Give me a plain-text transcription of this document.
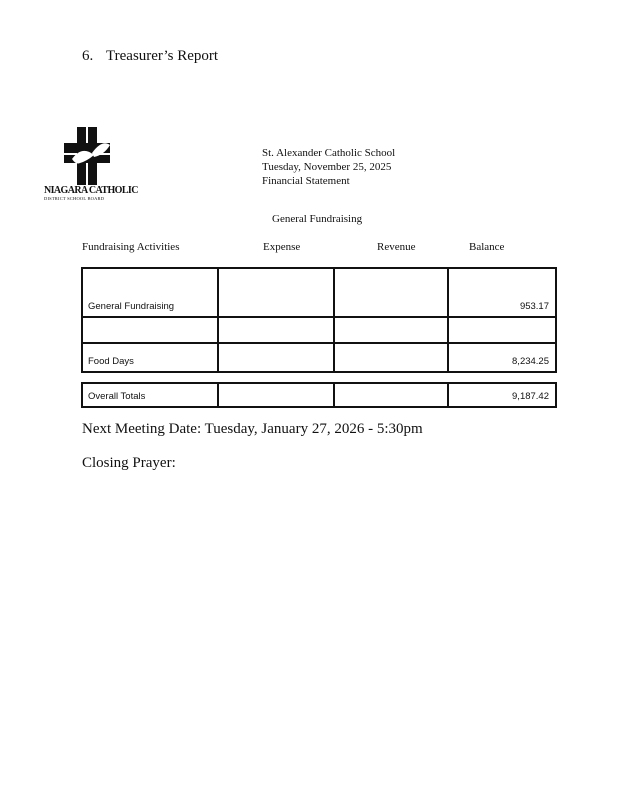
6. Treasurer’s Report
NIAGARA CATHOLIC
DISTRICT SCHOOL BOARD
St. Alexander Catholic School
Tuesday, November 25, 2025
Financial Statement
General Fundraising
Fundraising Activities	Expense	Revenue	Balance
General Fundraising			953.17

Food Days			8,234.25
Overall Totals			9,187.42
Next Meeting Date: Tuesday, January 27, 2026 - 5:30pm
Closing Prayer:
